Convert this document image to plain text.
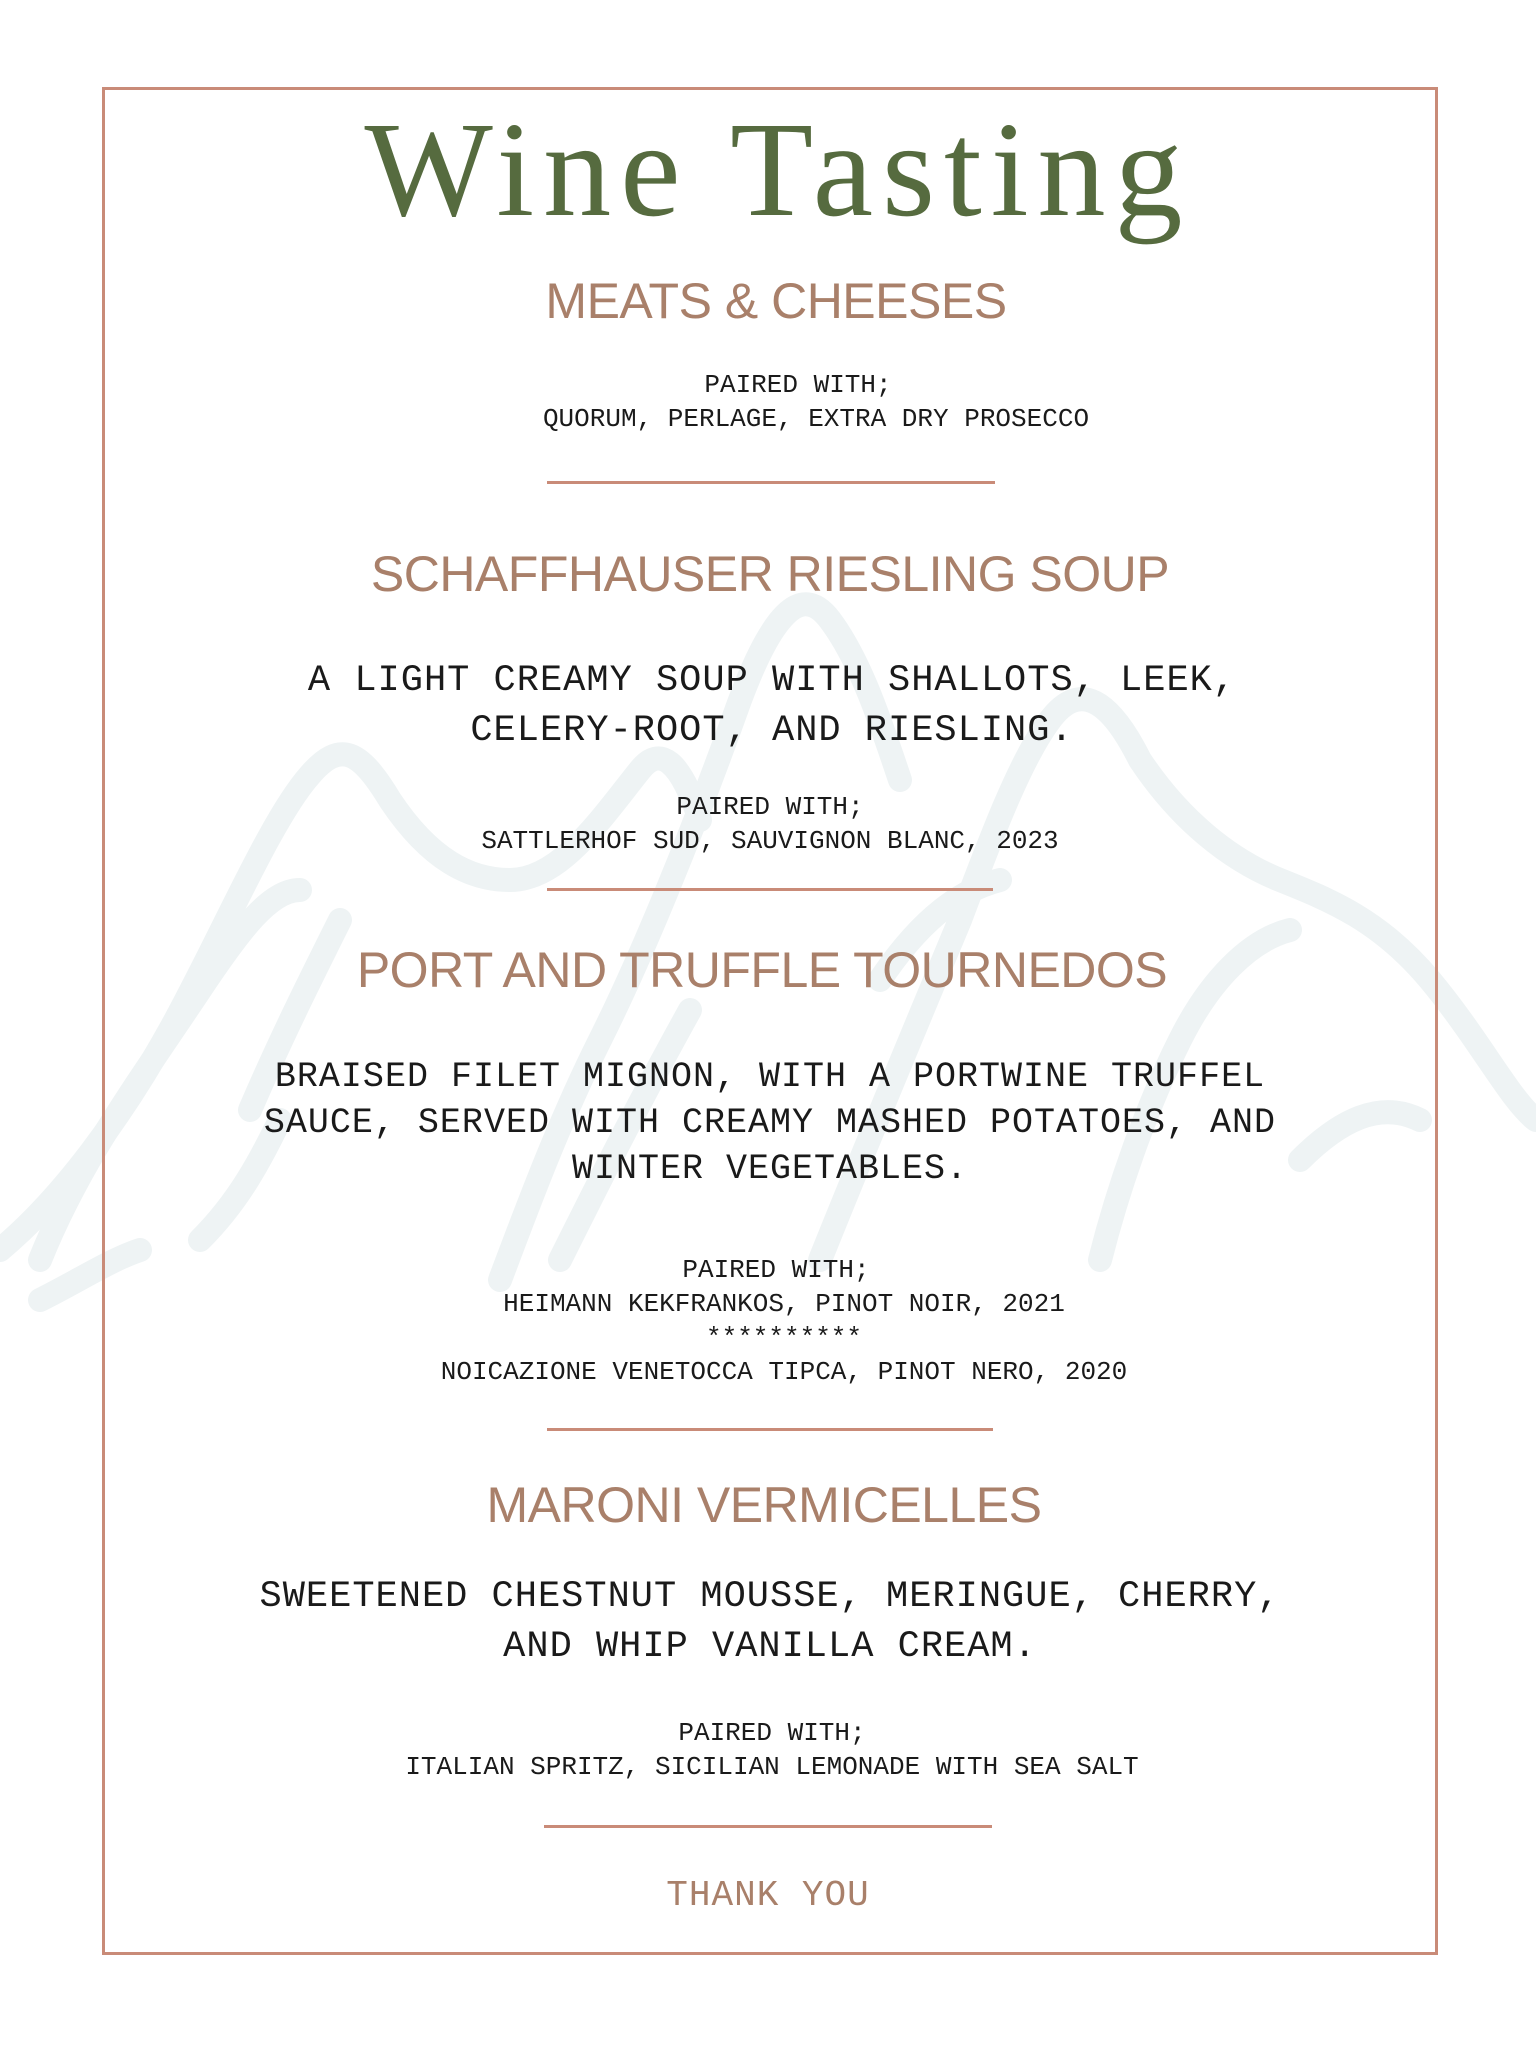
Wine Tasting
MEATS & CHEESES
PAIRED WITH;
QUORUM, PERLAGE, EXTRA DRY PROSECCO
SCHAFFHAUSER RIESLING SOUP
A LIGHT CREAMY SOUP WITH SHALLOTS, LEEK,
CELERY-ROOT, AND RIESLING.
PAIRED WITH;
SATTLERHOF SUD, SAUVIGNON BLANC, 2023
PORT AND TRUFFLE TOURNEDOS
BRAISED FILET MIGNON, WITH A PORTWINE TRUFFEL
SAUCE, SERVED WITH CREAMY MASHED POTATOES, AND
WINTER VEGETABLES.
PAIRED WITH;
HEIMANN KEKFRANKOS, PINOT NOIR, 2021
**********
NOICAZIONE VENETOCCA TIPCA, PINOT NERO, 2020
MARONI VERMICELLES
SWEETENED CHESTNUT MOUSSE, MERINGUE, CHERRY,
AND WHIP VANILLA CREAM.
PAIRED WITH;
ITALIAN SPRITZ, SICILIAN LEMONADE WITH SEA SALT
THANK YOU
